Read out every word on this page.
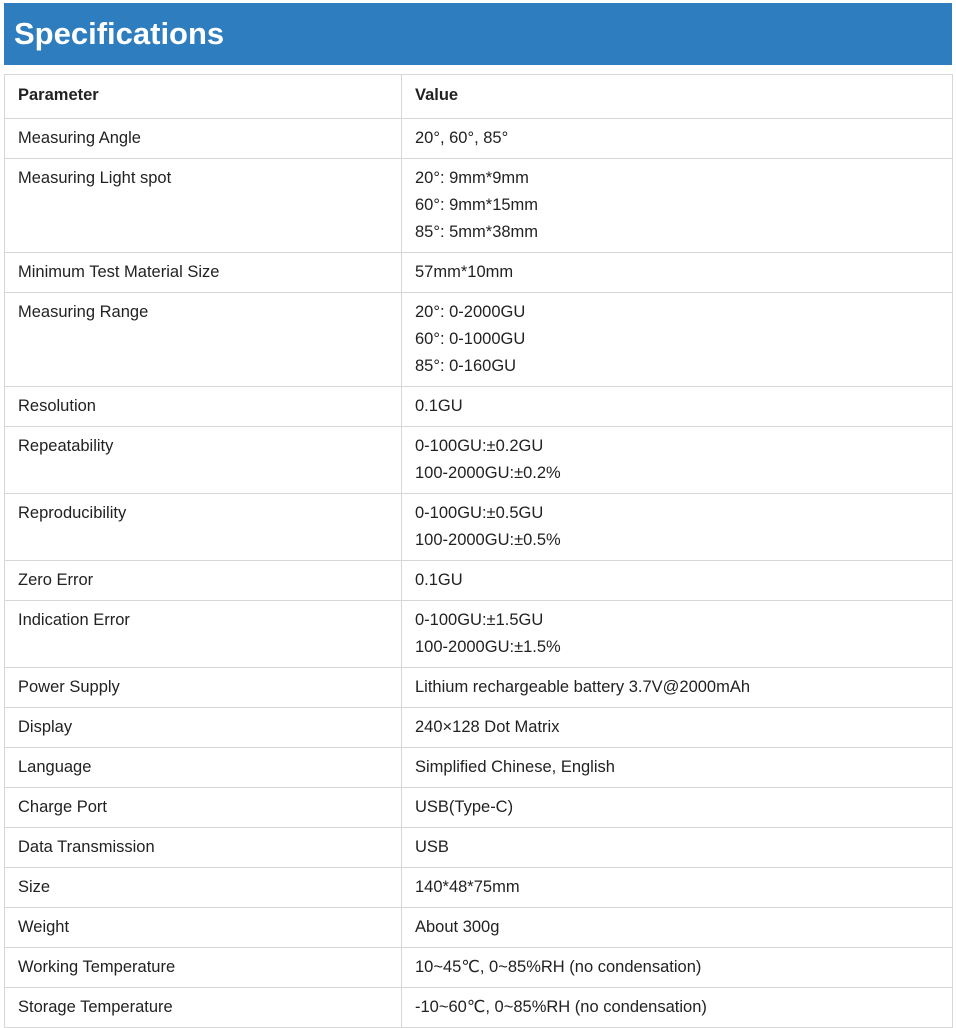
Specifications
Parameter	Value
Measuring Angle	20°, 60°, 85°

Measuring Light spot	20°: 9mm*9mm
60°: 9mm*15mm
85°: 5mm*38mm

Minimum Test Material Size	57mm*10mm

Measuring Range	20°: 0-2000GU
60°: 0-1000GU
85°: 0-160GU

Resolution	0.1GU

Repeatability	0-100GU:±0.2GU
100-2000GU:±0.2%

Reproducibility	0-100GU:±0.5GU
100-2000GU:±0.5%

Zero Error	0.1GU

Indication Error	0-100GU:±1.5GU
100-2000GU:±1.5%

Power Supply	Lithium rechargeable battery 3.7V@2000mAh

Display	240×128 Dot Matrix

Language	Simplified Chinese, English

Charge Port	USB(Type-C)

Data Transmission	USB

Size	140*48*75mm

Weight	About 300g

Working Temperature	10~45℃, 0~85%RH (no condensation)

Storage Temperature	-10~60℃, 0~85%RH (no condensation)
